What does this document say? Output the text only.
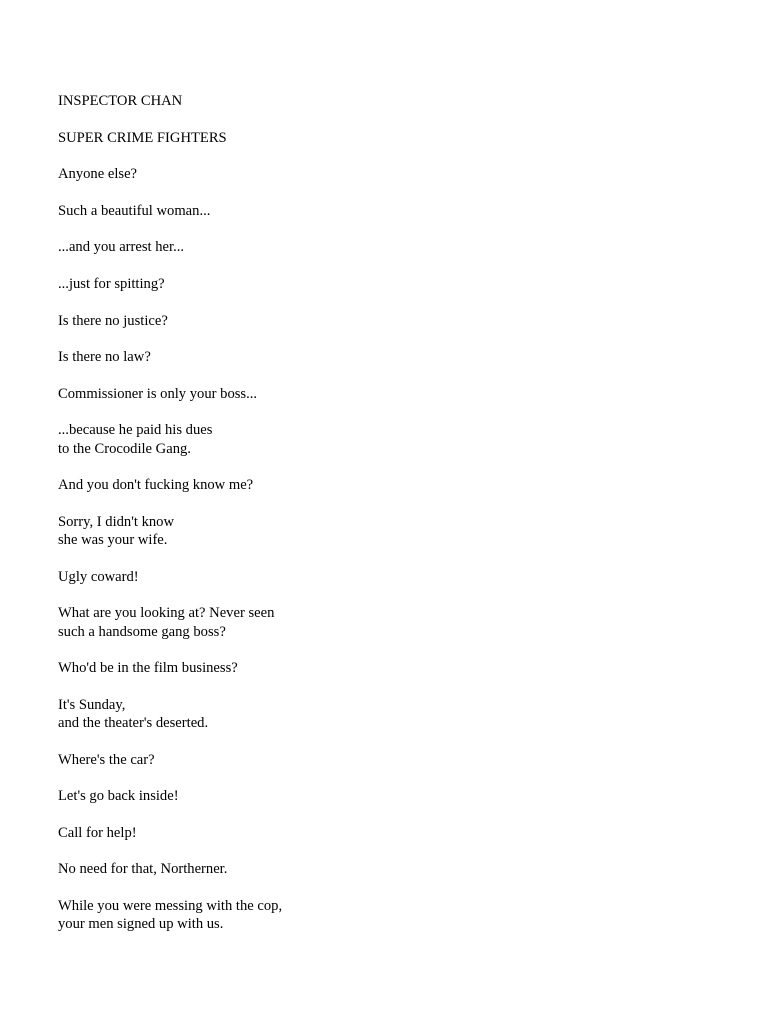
INSPECTOR CHAN
SUPER CRIME FIGHTERS
Anyone else?
Such a beautiful woman...
...and you arrest her...
...just for spitting?
Is there no justice?
Is there no law?
Commissioner is only your boss...
...because he paid his dues
to the Crocodile Gang.
And you don't fucking know me?
Sorry, I didn't know
she was your wife.
Ugly coward!
What are you looking at? Never seen
such a handsome gang boss?
Who'd be in the film business?
It's Sunday,
and the theater's deserted.
Where's the car?
Let's go back inside!
Call for help!
No need for that, Northerner.
While you were messing with the cop,
your men signed up with us.
